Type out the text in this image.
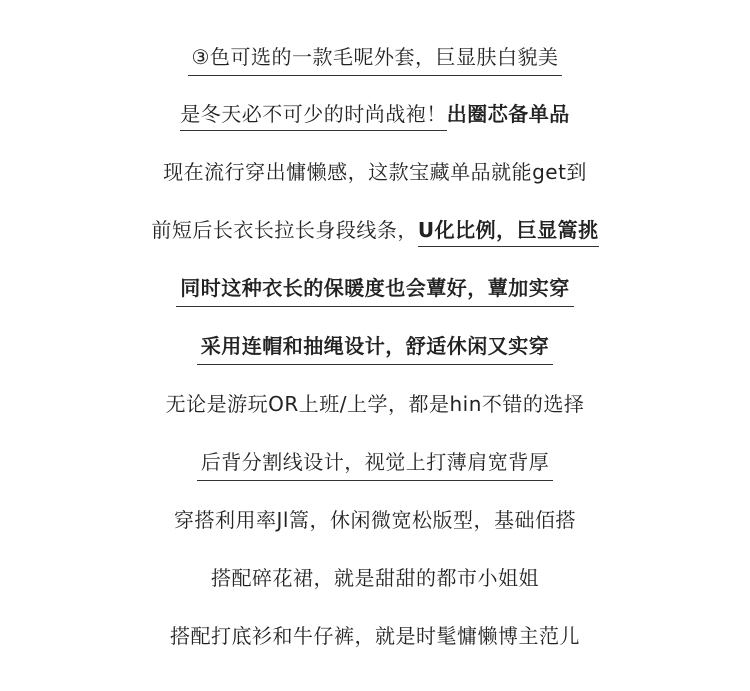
③色可选的一款毛呢外套，巨显肤白貌美
是冬天必不可少的时尚战袍！出圈芯备单品
现在流行穿出慵懒感，这款宝藏单品就能get到
前短后长衣长拉长身段线条，U化比例，巨显篙挑
同时这种衣长的保暖度也会蕈好，蕈加实穿
采用连帽和抽绳设计，舒适休闲又实穿
无论是游玩OR上班/上学，都是hin不错的选择
后背分割线设计，视觉上打薄肩宽背厚
穿搭利用率Jl篙，休闲微宽松版型，基础佰搭
搭配碎花裙，就是甜甜的都市小姐姐
搭配打底衫和牛仔裤，就是时髦慵懒博主范儿
